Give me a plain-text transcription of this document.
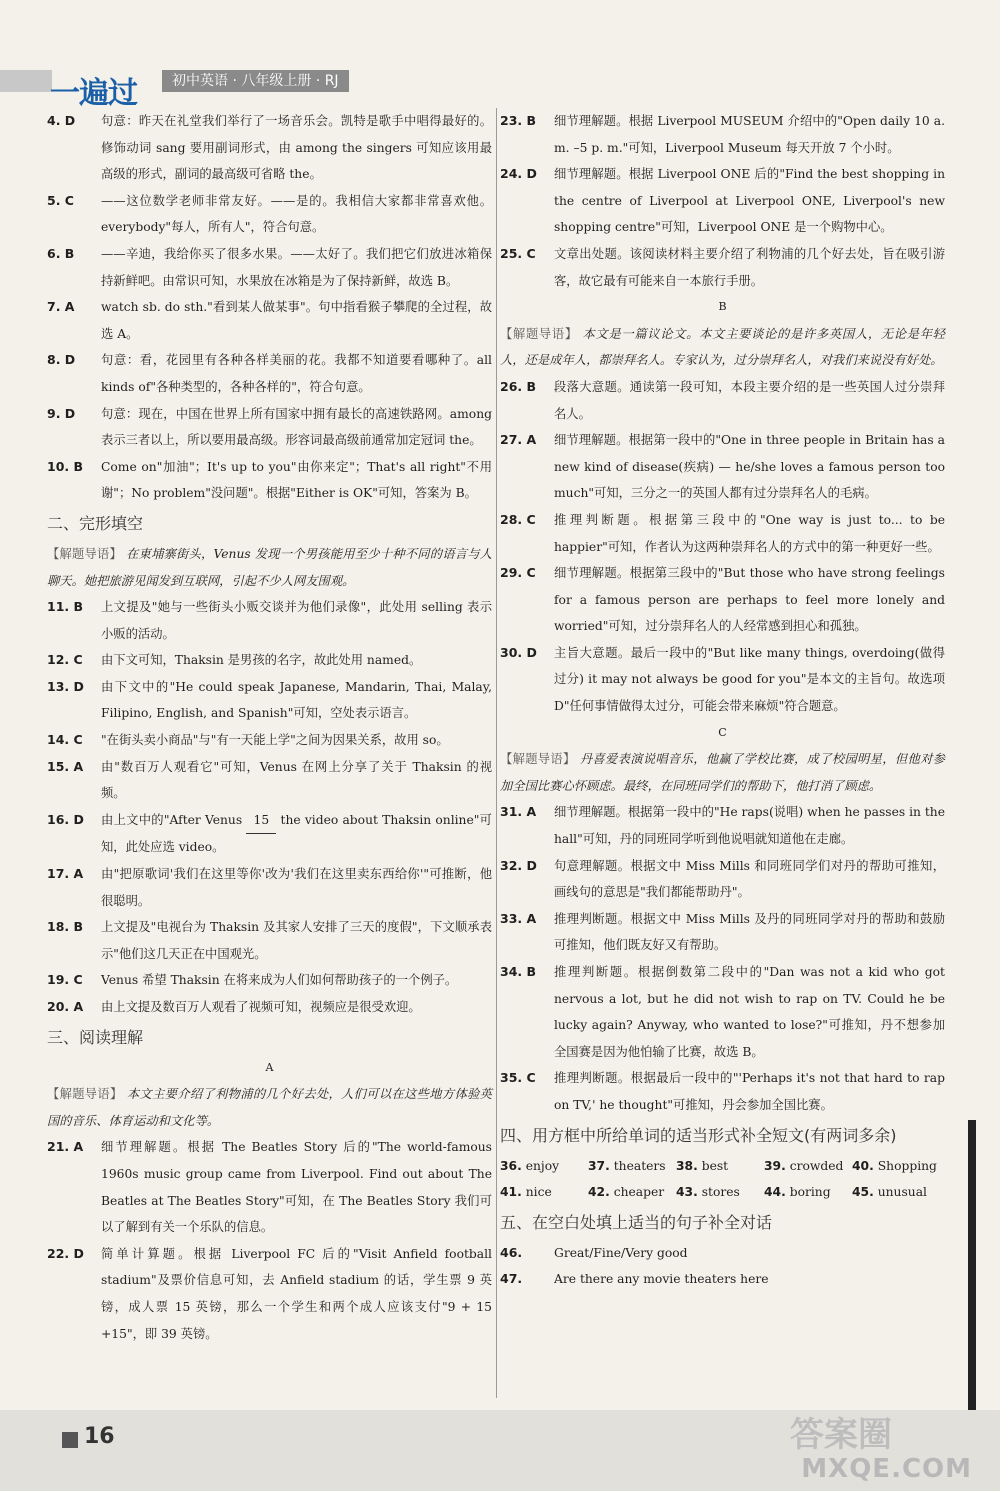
一遍过	初中英语 · 八年级上册 · RJ
4. D	句意：昨天在礼堂我们举行了一场音乐会。凯特是歌手中唱得最好的。修饰动词 sang 要用副词形式，由 among the singers 可知应该用最高级的形式，副词的最高级可省略 the。
5. C	——这位数学老师非常友好。——是的。我相信大家都非常喜欢他。everybody"每人，所有人"，符合句意。
6. B	——辛迪，我给你买了很多水果。——太好了。我们把它们放进冰箱保持新鲜吧。由常识可知，水果放在冰箱是为了保持新鲜，故选 B。
7. A	watch sb. do sth."看到某人做某事"。句中指看猴子攀爬的全过程，故选 A。
8. D	句意：看，花园里有各种各样美丽的花。我都不知道要看哪种了。all kinds of"各种类型的，各种各样的"，符合句意。
9. D	句意：现在，中国在世界上所有国家中拥有最长的高速铁路网。among 表示三者以上，所以要用最高级。形容词最高级前通常加定冠词 the。
10. B	Come on"加油"；It's up to you"由你来定"；That's all right"不用谢"；No problem"没问题"。根据"Either is OK"可知，答案为 B。
二、完形填空
【解题导语】 在東埔寨街头，Venus 发现一个男孩能用至少十种不同的语言与人聊天。她把旅游见闻发到互联网，引起不少人网友围观。
11. B	上文提及"她与一些街头小贩交谈并为他们录像"，此处用 selling 表示小贩的活动。
12. C	由下文可知，Thaksin 是男孩的名字，故此处用 named。
13. D	由下文中的"He could speak Japanese, Mandarin, Thai, Malay, Filipino, English, and Spanish"可知，空处表示语言。
14. C	"在街头卖小商品"与"有一天能上学"之间为因果关系，故用 so。
15. A	由"数百万人观看它"可知，Venus 在网上分享了关于 Thaksin 的视频。
16. D	由上文中的"After Venus 15 the video about Thaksin online"可知，此处应选 video。
17. A	由"把原歌词'我们在这里等你'改为'我们在这里卖东西给你'"可推断，他很聪明。
18. B	上文提及"电视台为 Thaksin 及其家人安排了三天的度假"，下文顺承表示"他们这几天正在中国观光。
19. C	Venus 希望 Thaksin 在将来成为人们如何帮助孩子的一个例子。
20. A	由上文提及数百万人观看了视频可知，视频应是很受欢迎。
三、阅读理解
A
【解题导语】 本文主要介绍了利物浦的几个好去处，人们可以在这些地方体验英国的音乐、体育运动和文化等。
21. A	细节理解题。根据 The Beatles Story 后的"The world-famous 1960s music group came from Liverpool. Find out about The Beatles at The Beatles Story"可知，在 The Beatles Story 我们可以了解到有关一个乐队的信息。
22. D	简单计算题。根据 Liverpool FC 后的"Visit Anfield football stadium"及票价信息可知，去 Anfield stadium 的话，学生票 9 英镑，成人票 15 英镑，那么一个学生和两个成人应该支付"9 + 15 +15"，即 39 英镑。
23. B	细节理解题。根据 Liverpool MUSEUM 介绍中的"Open daily 10 a. m. –5 p. m."可知，Liverpool Museum 每天开放 7 个小时。
24. D	细节理解题。根据 Liverpool ONE 后的"Find the best shopping in the centre of Liverpool at Liverpool ONE, Liverpool's new shopping centre"可知，Liverpool ONE 是一个购物中心。
25. C	文章出处题。该阅读材料主要介绍了利物浦的几个好去处，旨在吸引游客，故它最有可能来自一本旅行手册。
B
【解题导语】 本文是一篇议论文。本文主要谈论的是许多英国人，无论是年轻人，还是成年人，都崇拜名人。专家认为，过分崇拜名人，对我们来说没有好处。
26. B	段落大意题。通读第一段可知，本段主要介绍的是一些英国人过分崇拜名人。
27. A	细节理解题。根据第一段中的"One in three people in Britain has a new kind of disease(疾病) — he/she loves a famous person too much"可知，三分之一的英国人都有过分崇拜名人的毛病。
28. C	推理判断题。根据第三段中的"One way is just to... to be happier"可知，作者认为这两种崇拜名人的方式中的第一种更好一些。
29. C	细节理解题。根据第三段中的"But those who have strong feelings for a famous person are perhaps to feel more lonely and worried"可知，过分崇拜名人的人经常感到担心和孤独。
30. D	主旨大意题。最后一段中的"But like many things, overdoing(做得过分) it may not always be good for you"是本文的主旨句。故选项 D"任何事情做得太过分，可能会带来麻烦"符合题意。
C
【解题导语】 丹喜爱表演说唱音乐，他赢了学校比赛，成了校园明星，但他对参加全国比赛心怀顾虑。最终，在同班同学们的帮助下，他打消了顾虑。
31. A	细节理解题。根据第一段中的"He raps(说唱) when he passes in the hall"可知，丹的同班同学听到他说唱就知道他在走廊。
32. D	句意理解题。根据文中 Miss Mills 和同班同学们对丹的帮助可推知，画线句的意思是"我们都能帮助丹"。
33. A	推理判断题。根据文中 Miss Mills 及丹的同班同学对丹的帮助和鼓励可推知，他们既友好又有帮助。
34. B	推理判断题。根据倒数第二段中的"Dan was not a kid who got nervous a lot, but he did not wish to rap on TV. Could he be lucky again? Anyway, who wanted to lose?"可推知，丹不想参加全国赛是因为他怕输了比赛，故选 B。
35. C	推理判断题。根据最后一段中的"'Perhaps it's not that hard to rap on TV,' he thought"可推知，丹会参加全国比赛。
四、用方框中所给单词的适当形式补全短文(有两词多余)
36. enjoy	37. theaters 38. best	39. crowded 40. Shopping
41. nice	42. cheaper 43. stores	44. boring	45. unusual
五、在空白处填上适当的句子补全对话
46.	Great/Fine/Very good
47.	Are there any movie theaters here
16	答案圈
MXQE.COM
